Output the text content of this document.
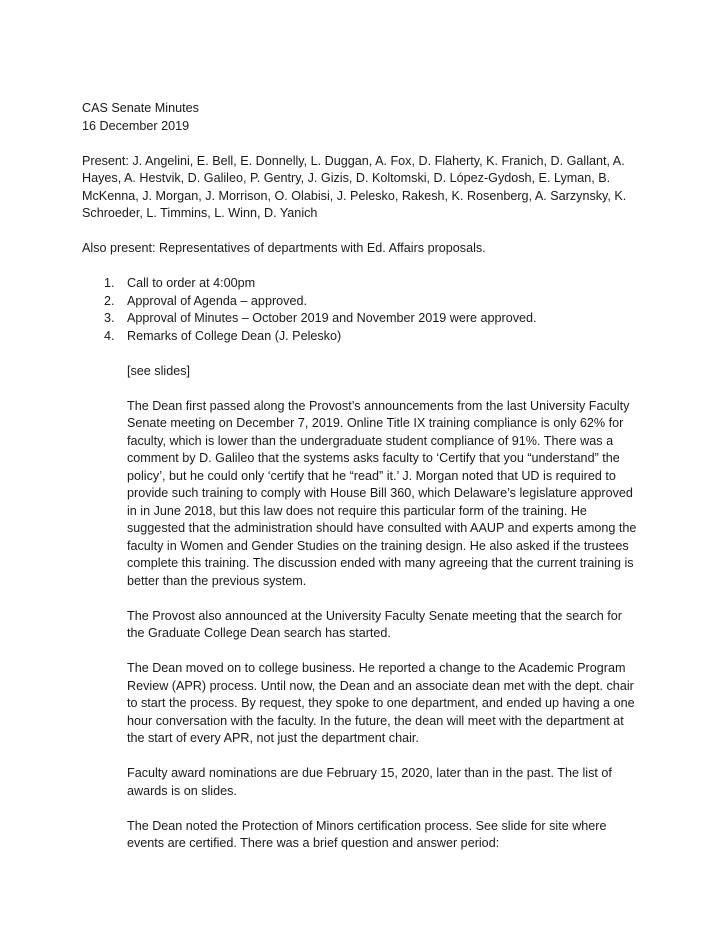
CAS Senate Minutes

16 December 2019

Present: J. Angelini, E. Bell, E. Donnelly, L. Duggan, A. Fox, D. Flaherty, K. Franich, D. Gallant, A. Hayes, A. Hestvik, D. Galileo, P. Gentry, J. Gizis, D. Koltomski, D. López-Gydosh, E. Lyman, B. McKenna, J. Morgan, J. Morrison, O. Olabisi, J. Pelesko, Rakesh, K. Rosenberg, A. Sarzynsky, K. Schroeder, L. Timmins, L. Winn, D. Yanich

Also present: Representatives of departments with Ed. Affairs proposals.

1. Call to order at 4:00pm
2. Approval of Agenda – approved.
3. Approval of Minutes – October 2019 and November 2019 were approved.
4. Remarks of College Dean (J. Pelesko)

[see slides]

The Dean first passed along the Provost’s announcements from the last University Faculty Senate meeting on December 7, 2019. Online Title IX training compliance is only 62% for faculty, which is lower than the undergraduate student compliance of 91%. There was a comment by D. Galileo that the systems asks faculty to ‘Certify that you “understand” the policy’, but he could only ‘certify that he “read” it.’ J. Morgan noted that UD is required to provide such training to comply with House Bill 360, which Delaware’s legislature approved in in June 2018, but this law does not require this particular form of the training. He suggested that the administration should have consulted with AAUP and experts among the faculty in Women and Gender Studies on the training design. He also asked if the trustees complete this training. The discussion ended with many agreeing that the current training is better than the previous system.

The Provost also announced at the University Faculty Senate meeting that the search for the Graduate College Dean search has started.

The Dean moved on to college business. He reported a change to the Academic Program Review (APR) process. Until now, the Dean and an associate dean met with the dept. chair to start the process. By request, they spoke to one department, and ended up having a one hour conversation with the faculty. In the future, the dean will meet with the department at the start of every APR, not just the department chair.

Faculty award nominations are due February 15, 2020, later than in the past. The list of awards is on slides.

The Dean noted the Protection of Minors certification process. See slide for site where events are certified. There was a brief question and answer period:
